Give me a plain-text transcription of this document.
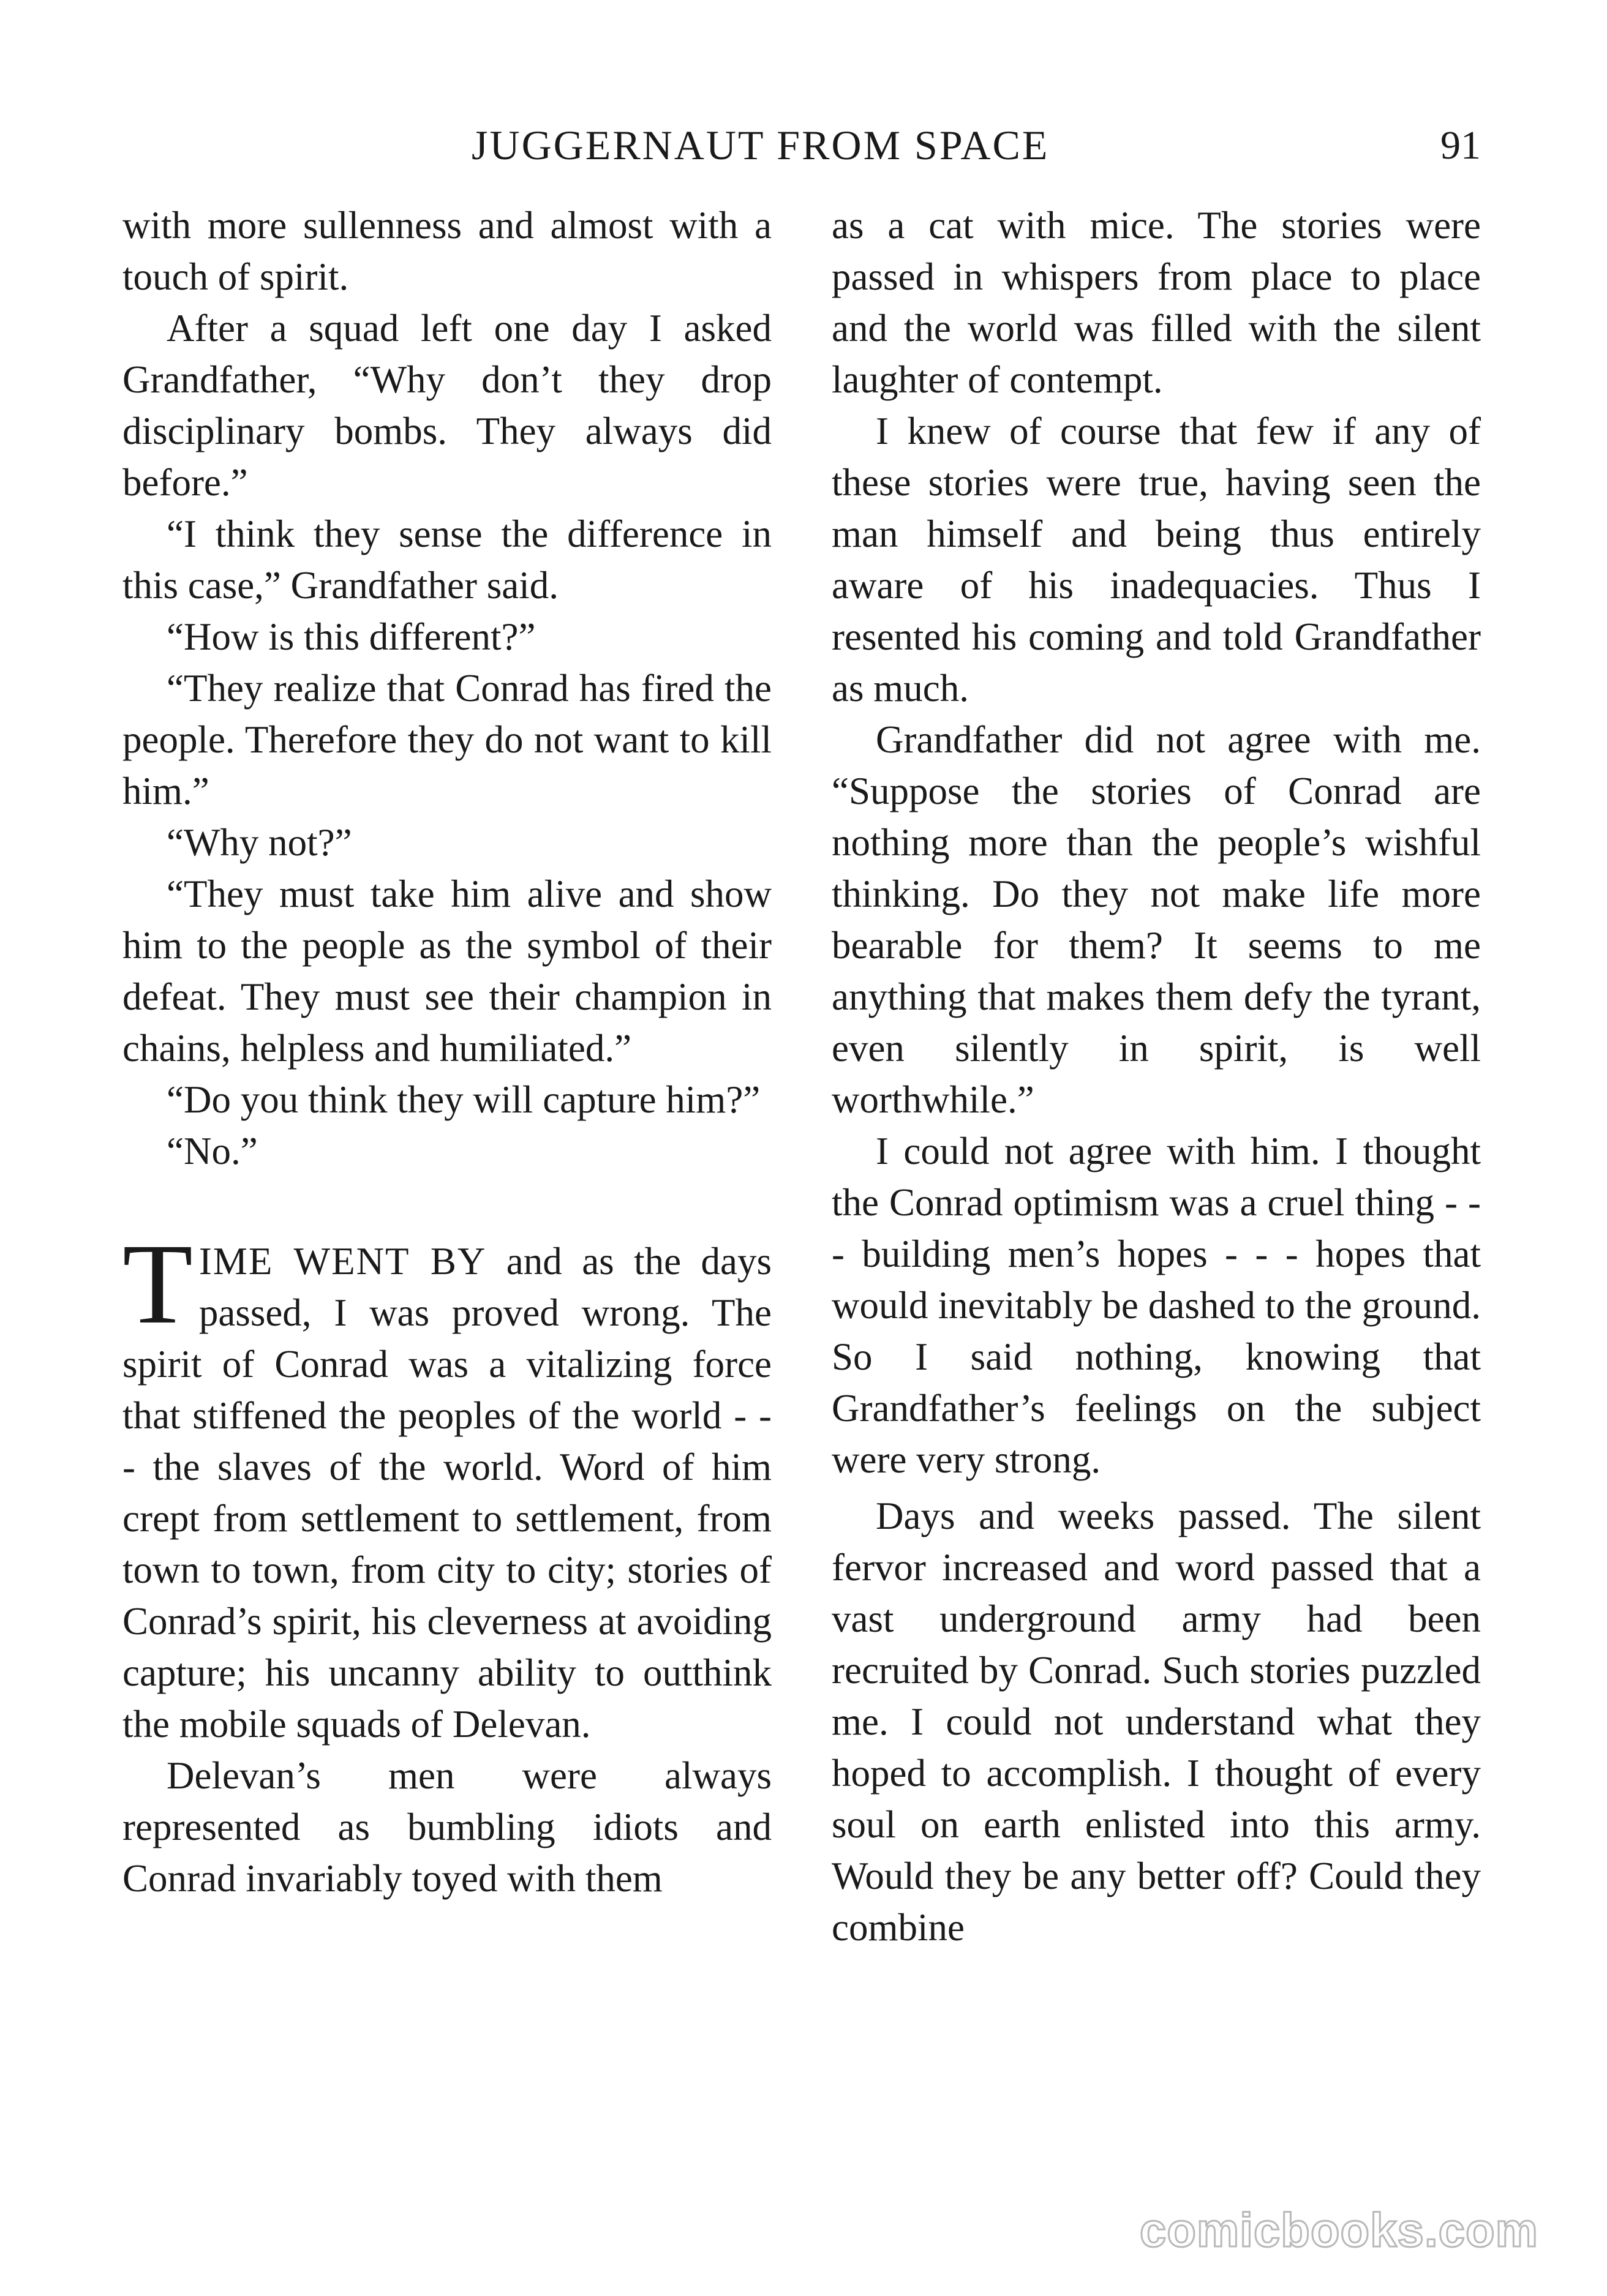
JUGGERNAUT FROM SPACE	91

with more sullenness and almost with a touch of spirit.

After a squad left one day I asked Grandfather, “Why don’t they drop disciplinary bombs. They always did before.”

“I think they sense the difference in this case,” Grandfather said.

“How is this different?”

“They realize that Conrad has fired the people. Therefore they do not want to kill him.”

“Why not?”

“They must take him alive and show him to the people as the symbol of their defeat. They must see their champion in chains, helpless and humiliated.”

“Do you think they will capture him?”

“No.”

TIME WENT BY and as the days passed, I was proved wrong. The spirit of Conrad was a vitalizing force that stiffened the peoples of the world - - - the slaves of the world. Word of him crept from settlement to settlement, from town to town, from city to city; stories of Conrad’s spirit, his cleverness at avoiding capture; his uncanny ability to outthink the mobile squads of Delevan.

Delevan’s men were always represented as bumbling idiots and Conrad invariably toyed with them

as a cat with mice. The stories were passed in whispers from place to place and the world was filled with the silent laughter of contempt.

I knew of course that few if any of these stories were true, having seen the man himself and being thus entirely aware of his inadequacies. Thus I resented his coming and told Grandfather as much.

Grandfather did not agree with me. “Suppose the stories of Conrad are nothing more than the people’s wishful thinking. Do they not make life more bearable for them? It seems to me anything that makes them defy the tyrant, even silently in spirit, is well worthwhile.”

I could not agree with him. I thought the Conrad optimism was a cruel thing - - - building men’s hopes - - - hopes that would inevitably be dashed to the ground. So I said nothing, knowing that Grandfather’s feelings on the subject were very strong.

Days and weeks passed. The silent fervor increased and word passed that a vast underground army had been recruited by Conrad. Such stories puzzled me. I could not understand what they hoped to accomplish. I thought of every soul on earth enlisted into this army. Would they be any better off? Could they combine

comicbooks.com
